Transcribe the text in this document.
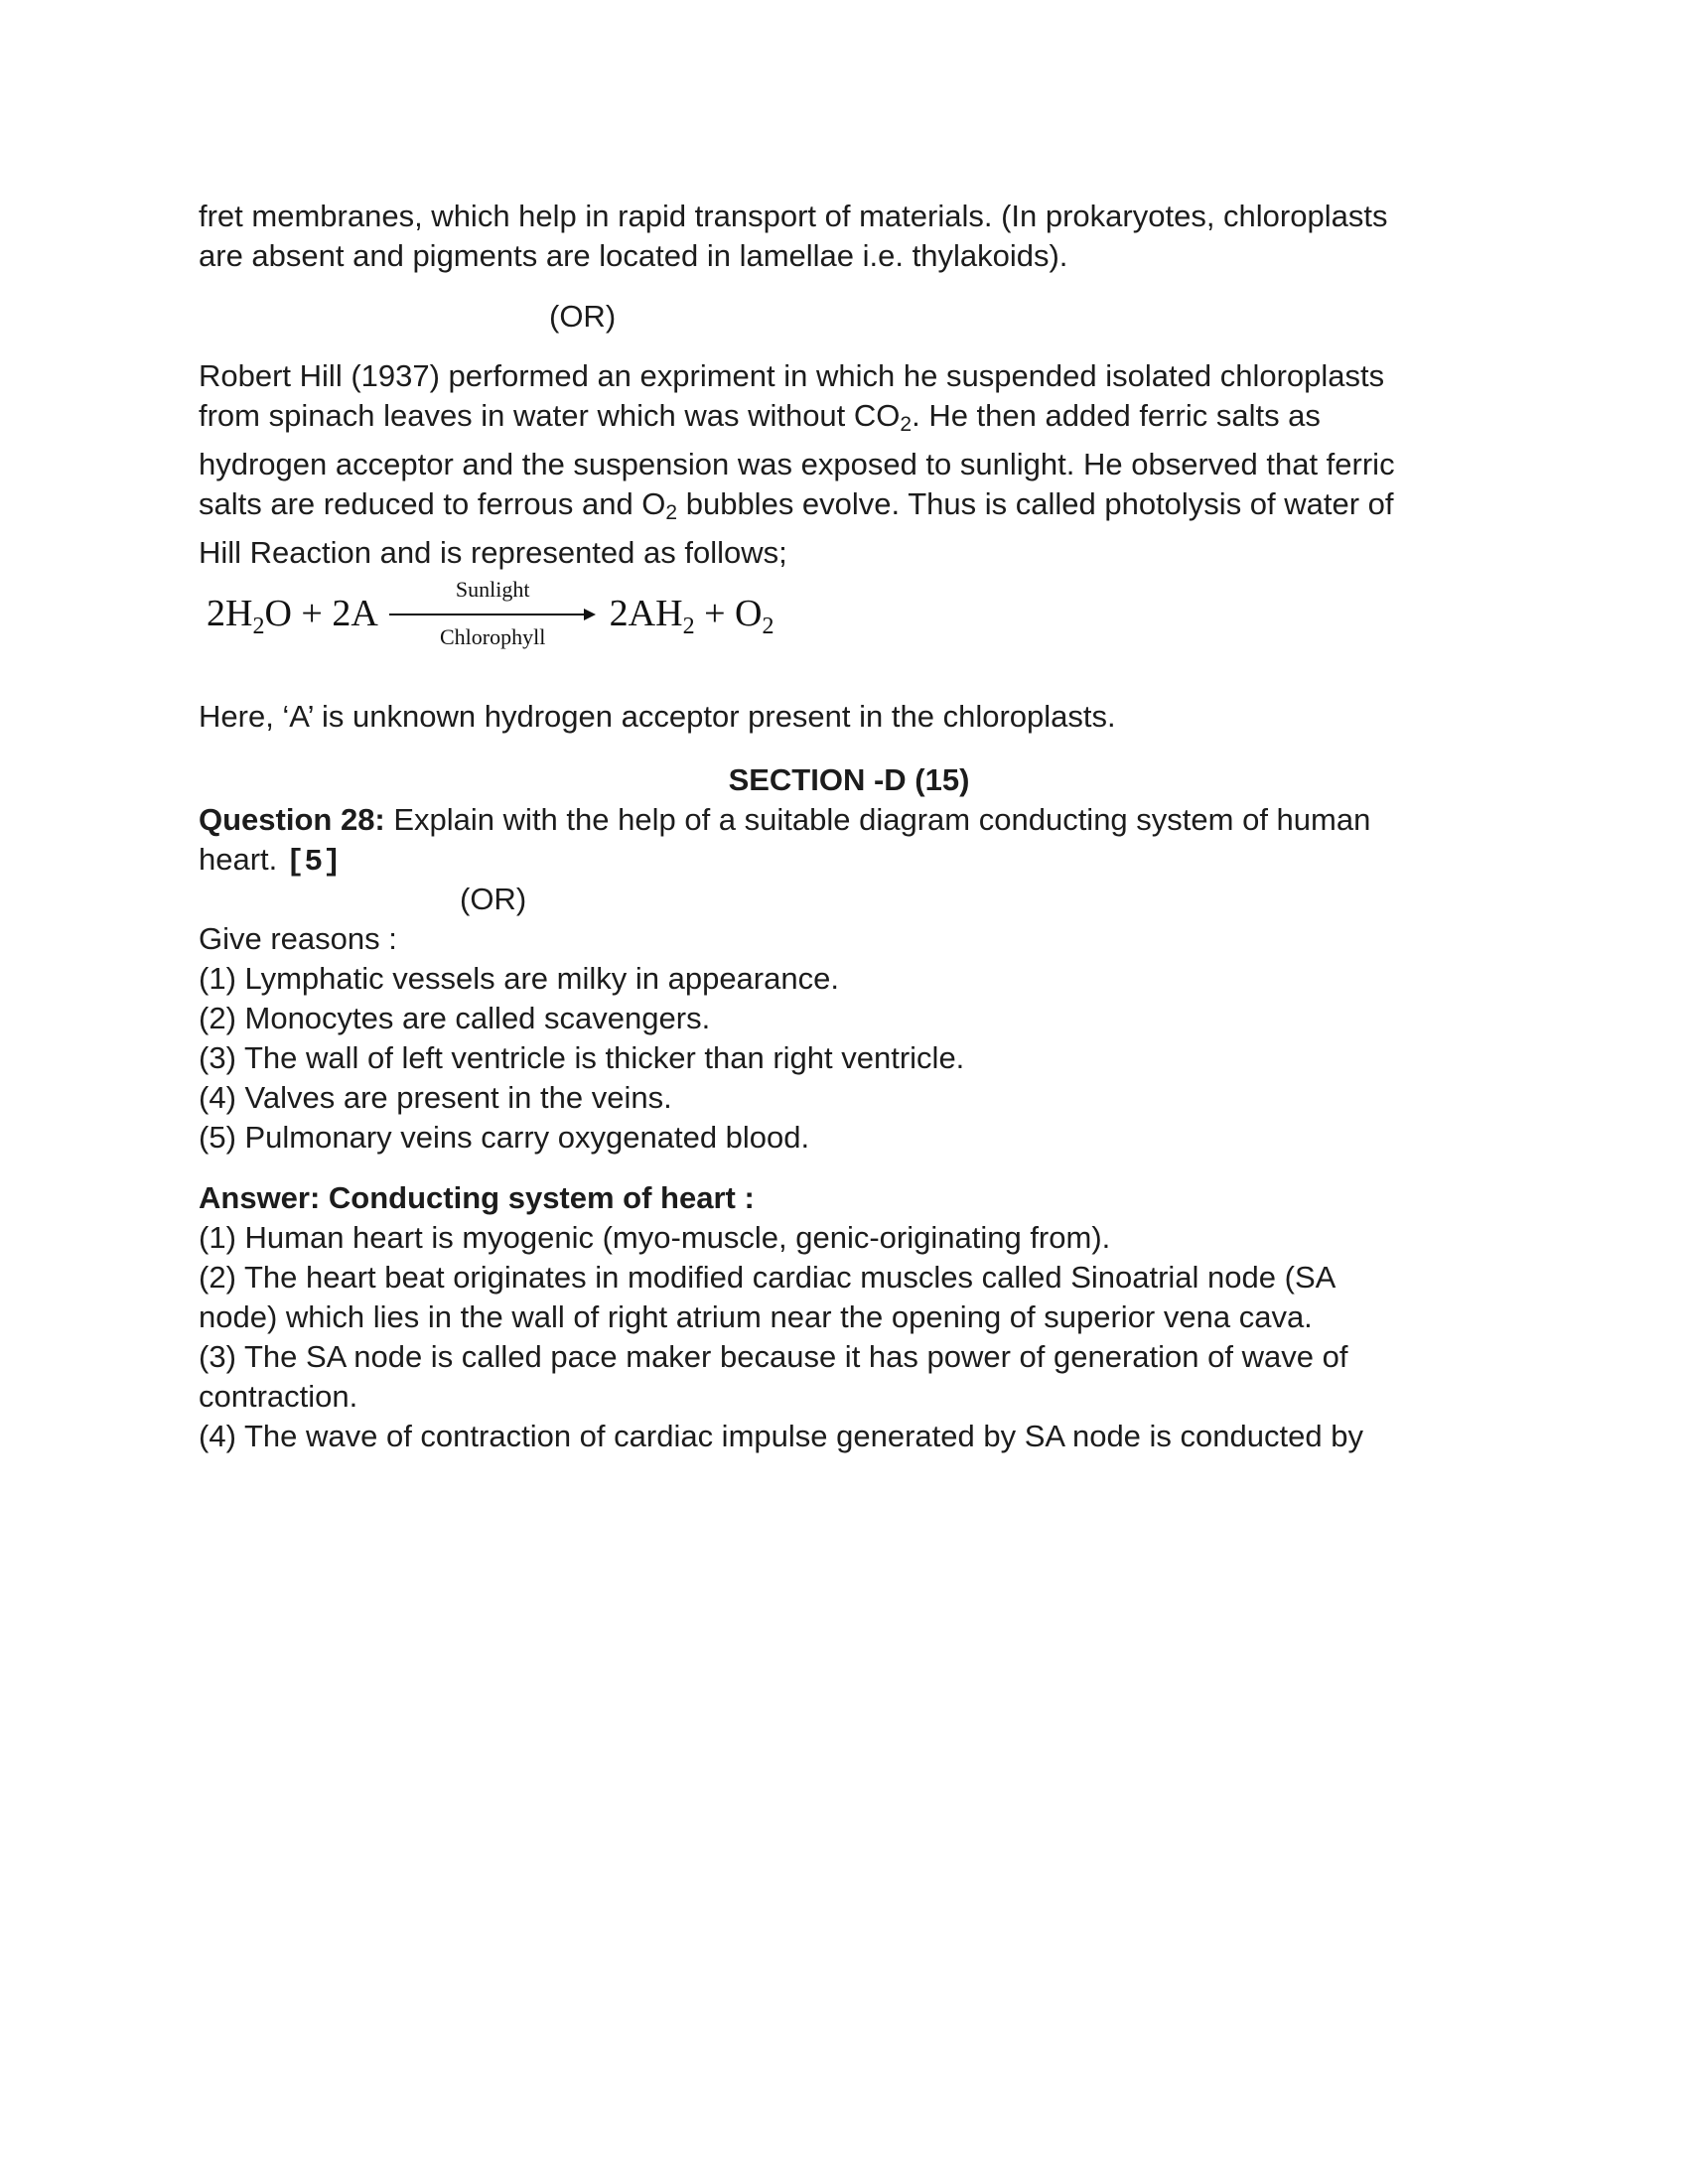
fret membranes, which help in rapid transport of materials. (In prokaryotes, chloroplasts
are absent and pigments are located in lamellae i.e. thylakoids).
(OR)
Robert Hill (1937) performed an expriment in which he suspended isolated chloroplasts
from spinach leaves in water which was without $CO_2$. He then added ferric salts as
hydrogen acceptor and the suspension was exposed to sunlight. He observed that ferric
salts are reduced to ferrous and $O_2$ bubbles evolve. Thus is called photolysis of water of
Hill Reaction and is represented as follows;
$2H_2O + 2A$
Sunlight
Chlorophyll
$2AH_2 + O_2$
Here, ‘A’ is unknown hydrogen acceptor present in the chloroplasts.
SECTION -D (15)
Question 28: Explain with the help of a suitable diagram conducting system of human
heart. [5]
(OR)
Give reasons :
(1) Lymphatic vessels are milky in appearance.
(2) Monocytes are called scavengers.
(3) The wall of left ventricle is thicker than right ventricle.
(4) Valves are present in the veins.
(5) Pulmonary veins carry oxygenated blood.
Answer: Conducting system of heart :
(1) Human heart is myogenic (myo-muscle, genic-originating from).
(2) The heart beat originates in modified cardiac muscles called Sinoatrial node (SA
node) which lies in the wall of right atrium near the opening of superior vena cava.
(3) The SA node is called pace maker because it has power of generation of wave of
contraction.
(4) The wave of contraction of cardiac impulse generated by SA node is conducted by
